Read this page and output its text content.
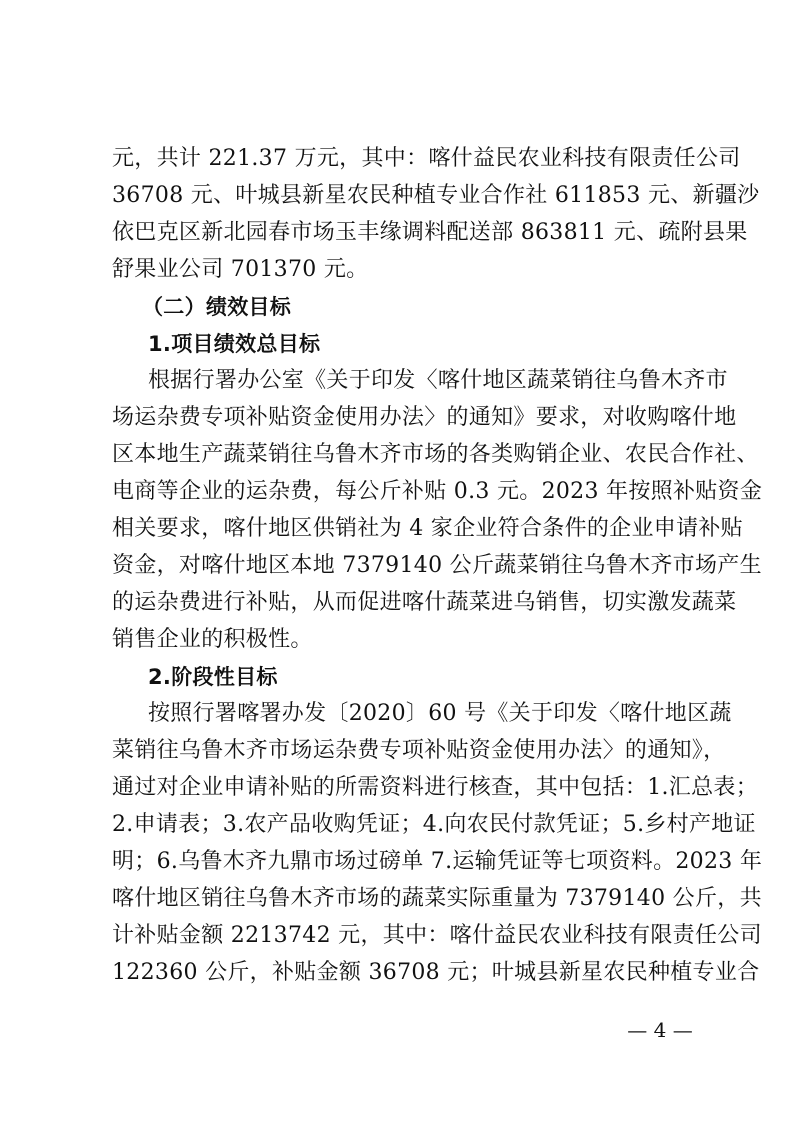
元，共计 221.37 万元，其中：喀什益民农业科技有限责任公司
36708 元、叶城县新星农民种植专业合作社 611853 元、新疆沙
依巴克区新北园春市场玉丰缘调料配送部 863811 元、疏附县果
舒果业公司 701370 元。
（二）绩效目标
1.项目绩效总目标
根据行署办公室《关于印发〈喀什地区蔬菜销往乌鲁木齐市
场运杂费专项补贴资金使用办法〉的通知》要求，对收购喀什地
区本地生产蔬菜销往乌鲁木齐市场的各类购销企业、农民合作社、
电商等企业的运杂费，每公斤补贴 0.3 元。2023 年按照补贴资金
相关要求，喀什地区供销社为 4 家企业符合条件的企业申请补贴
资金，对喀什地区本地 7379140 公斤蔬菜销往乌鲁木齐市场产生
的运杂费进行补贴，从而促进喀什蔬菜进乌销售，切实激发蔬菜
销售企业的积极性。
2.阶段性目标
按照行署喀署办发〔2020〕60 号《关于印发〈喀什地区蔬
菜销往乌鲁木齐市场运杂费专项补贴资金使用办法〉的通知》，
通过对企业申请补贴的所需资料进行核查，其中包括：1.汇总表；
2.申请表；3.农产品收购凭证；4.向农民付款凭证；5.乡村产地证
明；6.乌鲁木齐九鼎市场过磅单 7.运输凭证等七项资料。2023 年
喀什地区销往乌鲁木齐市场的蔬菜实际重量为 7379140 公斤，共
计补贴金额 2213742 元，其中：喀什益民农业科技有限责任公司
122360 公斤，补贴金额 36708 元；叶城县新星农民种植专业合
— 4 —
